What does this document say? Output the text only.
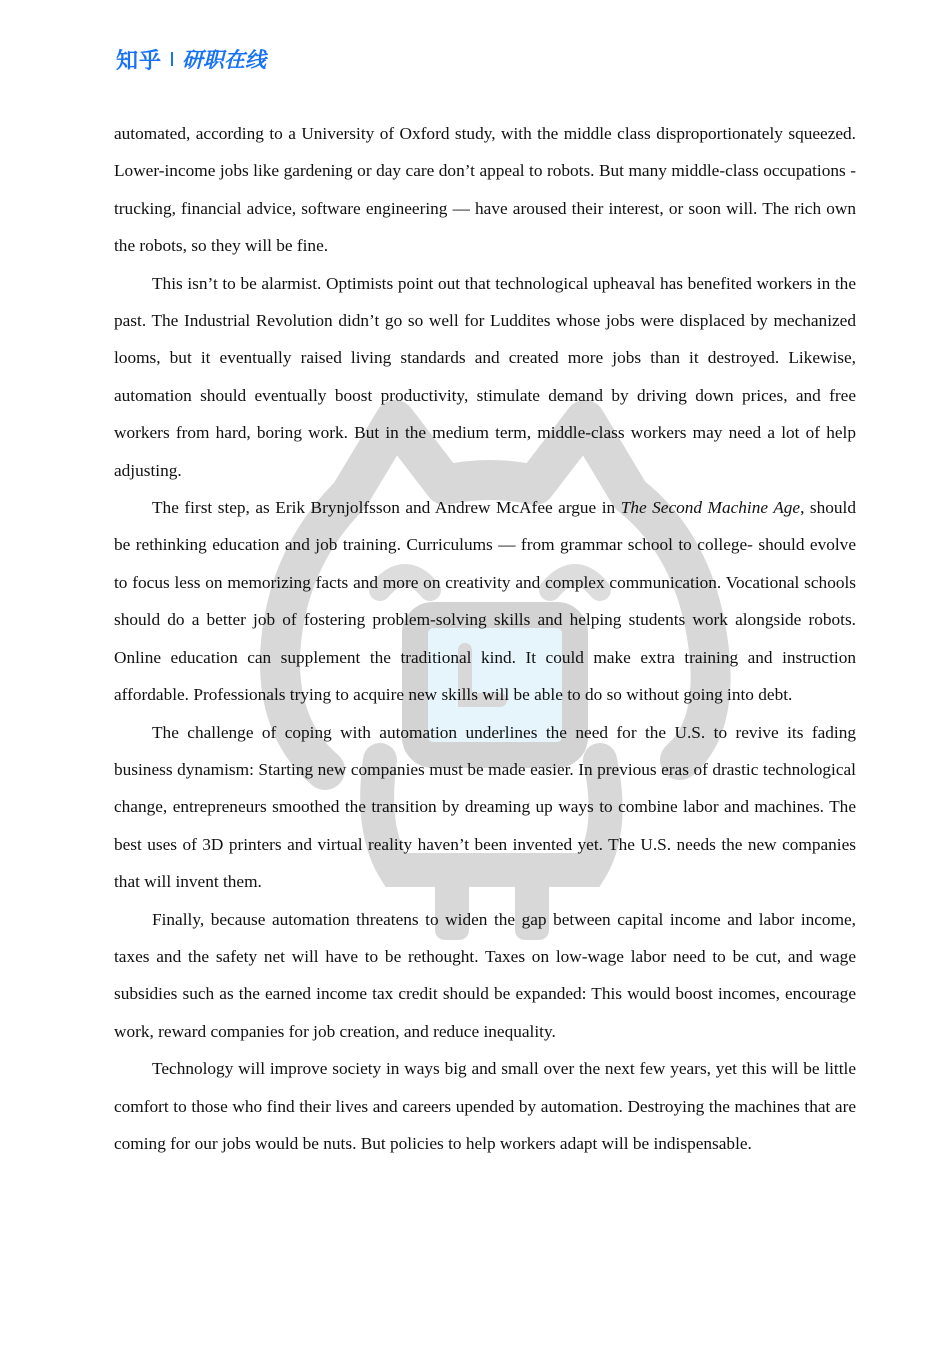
知乎 研职在线

automated, according to a University of Oxford study, with the middle class disproportionately squeezed. Lower-income jobs like gardening or day care don’t appeal to robots. But many middle-class occupations - trucking, financial advice, software engineering — have aroused their interest, or soon will. The rich own the robots, so they will be fine.

This isn’t to be alarmist. Optimists point out that technological upheaval has benefited workers in the past. The Industrial Revolution didn’t go so well for Luddites whose jobs were displaced by mechanized looms, but it eventually raised living standards and created more jobs than it destroyed. Likewise, automation should eventually boost productivity, stimulate demand by driving down prices, and free workers from hard, boring work. But in the medium term, middle-class workers may need a lot of help adjusting.

The first step, as Erik Brynjolfsson and Andrew McAfee argue in The Second Machine Age, should be rethinking education and job training. Curriculums — from grammar school to college- should evolve to focus less on memorizing facts and more on creativity and complex communication. Vocational schools should do a better job of fostering problem-solving skills and helping students work alongside robots. Online education can supplement the traditional kind. It could make extra training and instruction affordable. Professionals trying to acquire new skills will be able to do so without going into debt.

The challenge of coping with automation underlines the need for the U.S. to revive its fading business dynamism: Starting new companies must be made easier. In previous eras of drastic technological change, entrepreneurs smoothed the transition by dreaming up ways to combine labor and machines. The best uses of 3D printers and virtual reality haven’t been invented yet. The U.S. needs the new companies that will invent them.

Finally, because automation threatens to widen the gap between capital income and labor income, taxes and the safety net will have to be rethought. Taxes on low-wage labor need to be cut, and wage subsidies such as the earned income tax credit should be expanded: This would boost incomes, encourage work, reward companies for job creation, and reduce inequality.

Technology will improve society in ways big and small over the next few years, yet this will be little comfort to those who find their lives and careers upended by automation. Destroying the machines that are coming for our jobs would be nuts. But policies to help workers adapt will be indispensable.
